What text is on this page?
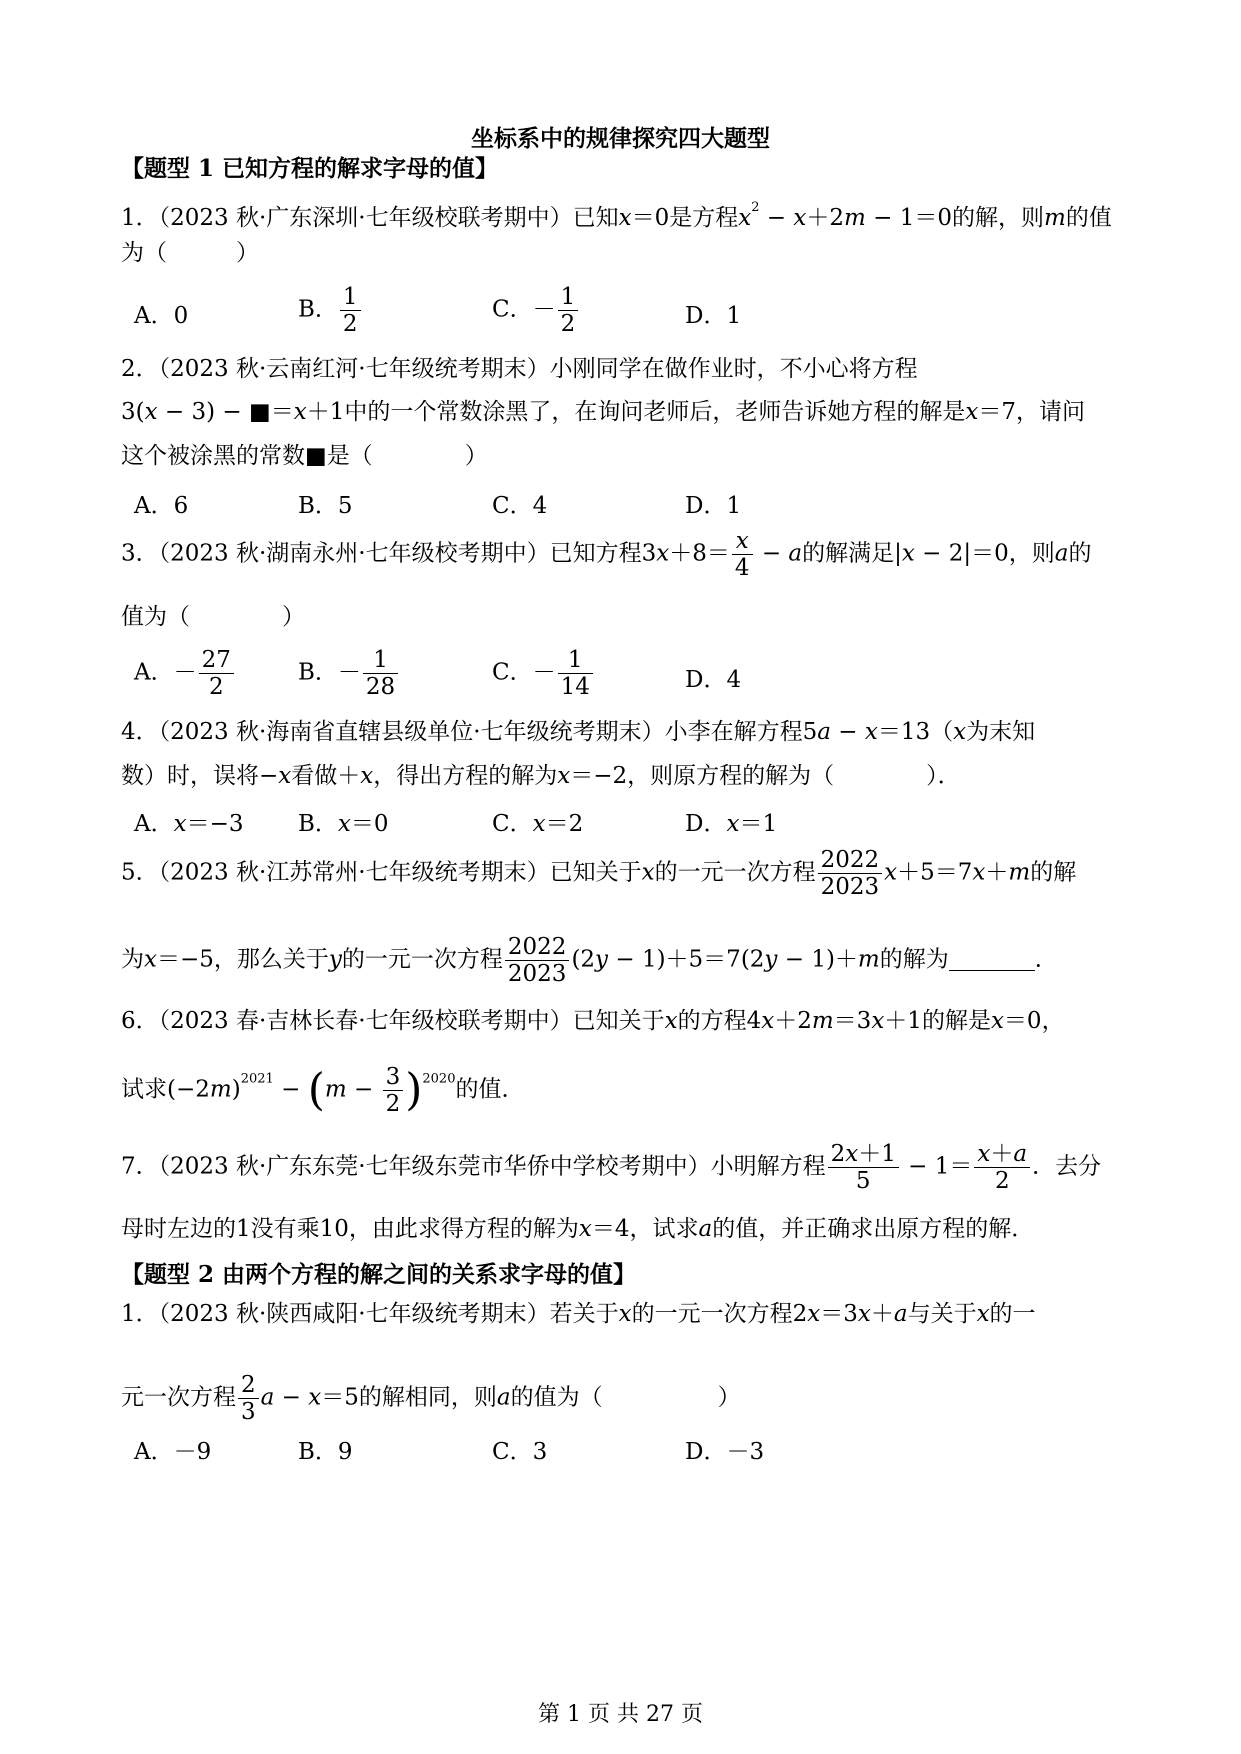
坐标系中的规律探究四大题型
【题型 1 已知方程的解求字母的值】
1．（2023 秋·广东深圳·七年级校联考期中）已知x＝0是方程$x^2 - x+2m - 1=0$的解，则m的值
为（　　　）
A．0	B． $\frac{1}{2}$	C．－ $\frac{1}{2}$	D．1
2．（2023 秋·云南红河·七年级统考期末）小刚同学在做作业时，不小心将方程
3(x − 3) − ■＝x＋1中的一个常数涂黑了，在询问老师后，老师告诉她方程的解是x＝7，请问
这个被涂黑的常数■是（　　　　）
A．6	B．5	C．4	D．1
3．（2023 秋·湖南永州·七年级校考期中）已知方程$3x+8= \frac{x}{4} - a$的解满足|x − 2|＝0，则a的
值为（　　　　）
A．－ $\frac{27}{2}$	B．－ $\frac{1}{28}$	C．－ $\frac{1}{14}$	D．4
4．（2023 秋·海南省直辖县级单位·七年级统考期末）小李在解方程5a − x＝13（x为末知
数）时，误将−x看做＋x，得出方程的解为x＝−2，则原方程的解为（　　　　）．
A．x＝−3 B．x＝0	C．x＝2	D．x＝1
5．（2023 秋·江苏常州·七年级统考期末）已知关于x的一元一次方程 $\frac{2022}{2023} x+5=7x+m$的解
为x＝−5，那么关于y的一元一次方程 $\frac{2022}{2023} (2y - 1)+5=7(2y - 1)+m$的解为	．
6．（2023 春·吉林长春·七年级校联考期中）已知关于x的方程4x＋2m＝3x＋1的解是x＝0，
试求$(-2m)^{2021} - (m - \frac{3}{2} )^{2020}$的值．
7．（2023 秋·广东东莞·七年级东莞市华侨中学校考期中）小明解方程 $\frac{2x+1}{5} - 1= \frac{x+a}{2}$ ．去分
母时左边的1没有乘10，由此求得方程的解为x＝4，试求a的值，并正确求出原方程的解．
【题型 2 由两个方程的解之间的关系求字母的值】
1．（2023 秋·陕西咸阳·七年级统考期末）若关于x的一元一次方程2x＝3x＋a与关于x的一
元一次方程 $\frac{2}{3}$ a − x＝5的解相同，则a的值为（　　　　　）
A．－9	B．9	C．3	D．－3
第 1 页 共 27 页
